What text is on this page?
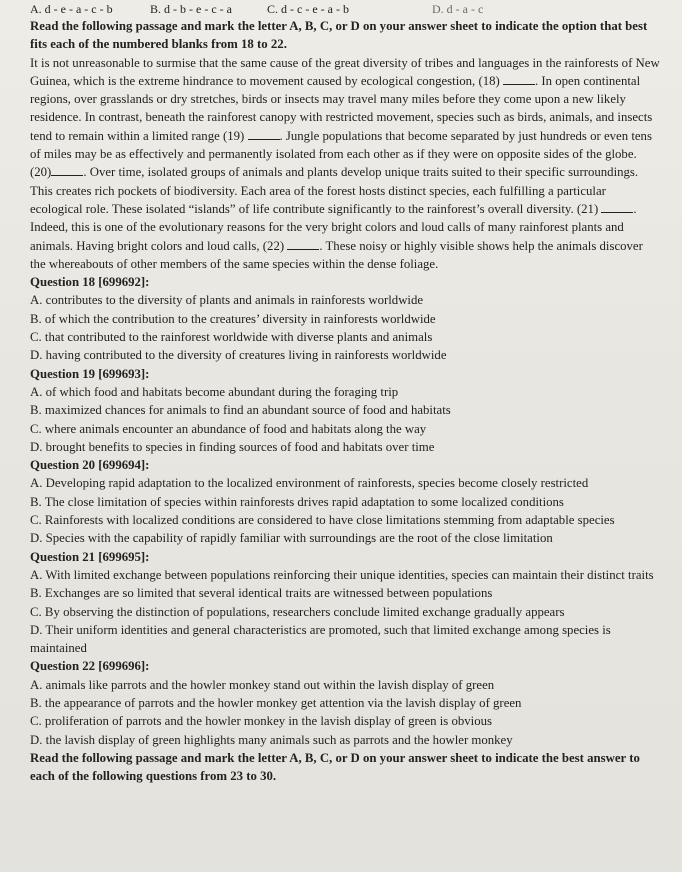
A. d - e - a - c - b	B. d - b - e - c - a	C. d - c - e - a - b	D. d - a - c

Read the following passage and mark the letter A, B, C, or D on your answer sheet to indicate the option that best fits each of the numbered blanks from 18 to 22.

It is not unreasonable to surmise that the same cause of the great diversity of tribes and languages in the rainforests of New Guinea, which is the extreme hindrance to movement caused by ecological congestion, (18)	. In open continental regions, over grasslands or dry stretches, birds or insects may travel many miles before they come upon a new likely residence. In contrast, beneath the rainforest canopy with restricted movement, species such as birds, animals, and insects tend to remain within a limited range (19)	. Jungle populations that become separated by just hundreds or even tens of miles may be as effectively and permanently isolated from each other as if they were on opposite sides of the globe.

(20)	. Over time, isolated groups of animals and plants develop unique traits suited to their specific surroundings. This creates rich pockets of biodiversity. Each area of the forest hosts distinct species, each fulfilling a particular ecological role. These isolated “islands” of life contribute significantly to the rainforest’s overall diversity. (21)	.

Indeed, this is one of the evolutionary reasons for the very bright colors and loud calls of many rainforest plants and animals. Having bright colors and loud calls, (22)	. These noisy or highly visible shows help the animals discover the whereabouts of other members of the same species within the dense foliage.

Question 18 [699692]:

A. contributes to the diversity of plants and animals in rainforests worldwide

B. of which the contribution to the creatures’ diversity in rainforests worldwide

C. that contributed to the rainforest worldwide with diverse plants and animals

D. having contributed to the diversity of creatures living in rainforests worldwide

Question 19 [699693]:

A. of which food and habitats become abundant during the foraging trip

B. maximized chances for animals to find an abundant source of food and habitats

C. where animals encounter an abundance of food and habitats along the way

D. brought benefits to species in finding sources of food and habitats over time

Question 20 [699694]:

A. Developing rapid adaptation to the localized environment of rainforests, species become closely restricted

B. The close limitation of species within rainforests drives rapid adaptation to some localized conditions

C. Rainforests with localized conditions are considered to have close limitations stemming from adaptable species

D. Species with the capability of rapidly familiar with surroundings are the root of the close limitation

Question 21 [699695]:

A. With limited exchange between populations reinforcing their unique identities, species can maintain their distinct traits

B. Exchanges are so limited that several identical traits are witnessed between populations

C. By observing the distinction of populations, researchers conclude limited exchange gradually appears

D. Their uniform identities and general characteristics are promoted, such that limited exchange among species is maintained

Question 22 [699696]:

A. animals like parrots and the howler monkey stand out within the lavish display of green

B. the appearance of parrots and the howler monkey get attention via the lavish display of green

C. proliferation of parrots and the howler monkey in the lavish display of green is obvious

D. the lavish display of green highlights many animals such as parrots and the howler monkey

Read the following passage and mark the letter A, B, C, or D on your answer sheet to indicate the best answer to each of the following questions from 23 to 30.
